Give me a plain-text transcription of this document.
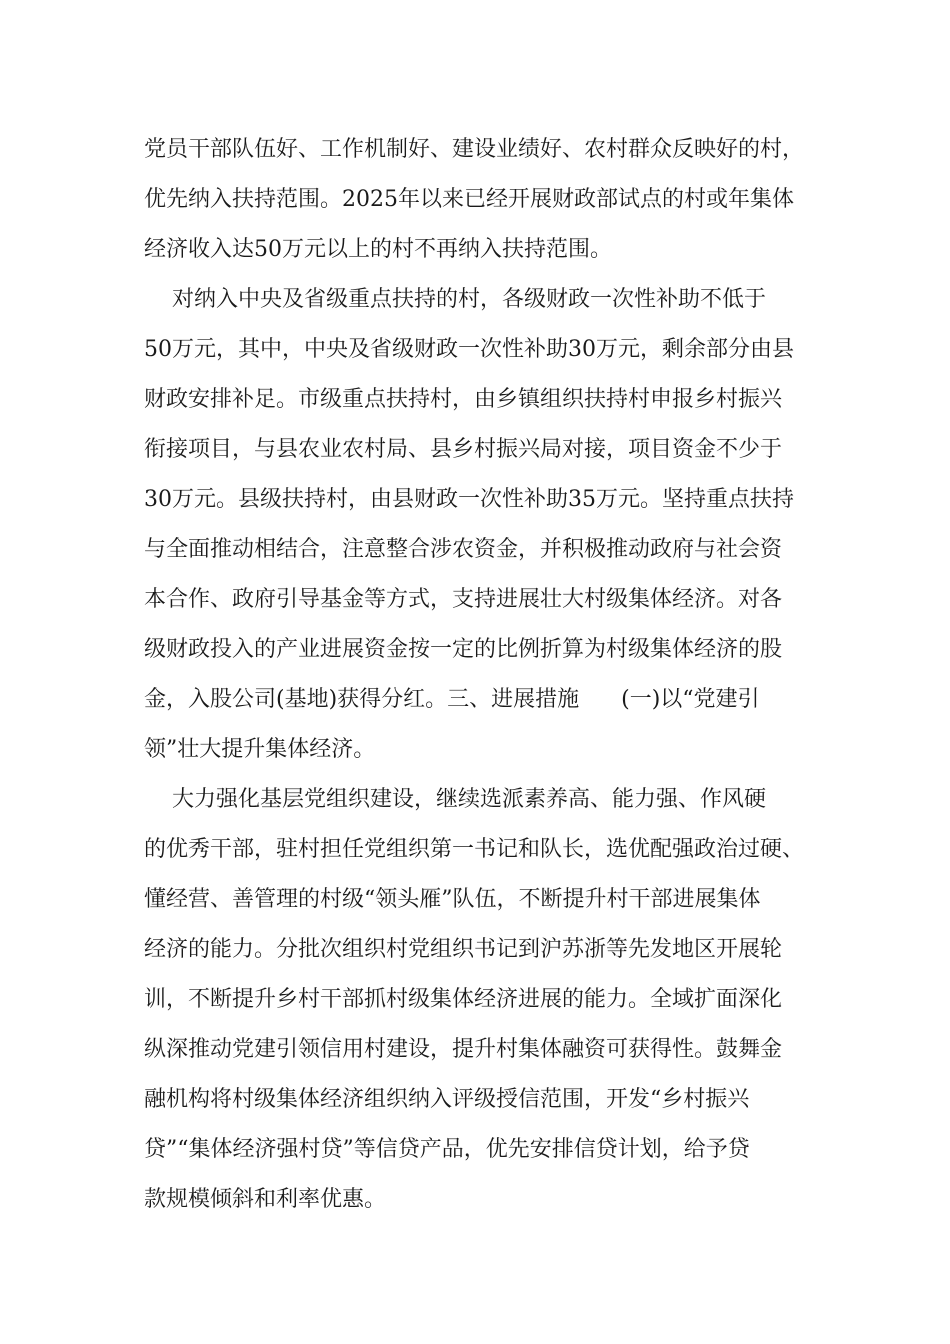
党员干部队伍好、工作机制好、建设业绩好、农村群众反映好的村，
优先纳入扶持范围。2025年以来已经开展财政部试点的村或年集体
经济收入达50万元以上的村不再纳入扶持范围。

对纳入中央及省级重点扶持的村，各级财政一次性补助不低于
50万元，其中，中央及省级财政一次性补助30万元，剩余部分由县
财政安排补足。市级重点扶持村，由乡镇组织扶持村申报乡村振兴
衔接项目，与县农业农村局、县乡村振兴局对接，项目资金不少于
30万元。县级扶持村，由县财政一次性补助35万元。坚持重点扶持
与全面推动相结合，注意整合涉农资金，并积极推动政府与社会资
本合作、政府引导基金等方式，支持进展壮大村级集体经济。对各
级财政投入的产业进展资金按一定的比例折算为村级集体经济的股
金，入股公司(基地)获得分红。三、进展措施      (一)以“党建引
领”壮大提升集体经济。

大力强化基层党组织建设，继续选派素养高、能力强、作风硬
的优秀干部，驻村担任党组织第一书记和队长，选优配强政治过硬、
懂经营、善管理的村级“领头雁”队伍，不断提升村干部进展集体
经济的能力。分批次组织村党组织书记到沪苏浙等先发地区开展轮
训，不断提升乡村干部抓村级集体经济进展的能力。全域扩面深化
纵深推动党建引领信用村建设，提升村集体融资可获得性。鼓舞金
融机构将村级集体经济组织纳入评级授信范围，开发“乡村振兴
贷”“集体经济强村贷”等信贷产品，优先安排信贷计划，给予贷
款规模倾斜和利率优惠。
